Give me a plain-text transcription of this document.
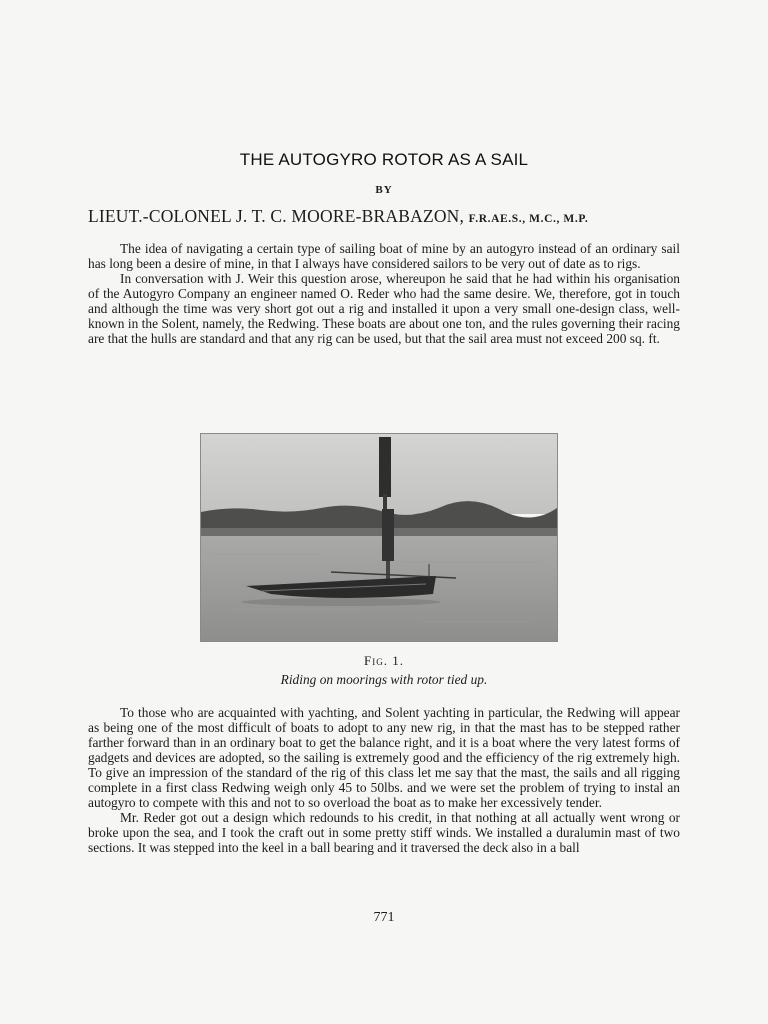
THE AUTOGYRO ROTOR AS A SAIL
BY
LIEUT.-COLONEL J. T. C. MOORE-BRABAZON, F.R.AE.S., M.C., M.P.

The idea of navigating a certain type of sailing boat of mine by an autogyro instead of an ordinary sail has long been a desire of mine, in that I always have considered sailors to be very out of date as to rigs.

In conversation with J. Weir this question arose, whereupon he said that he had within his organisation of the Autogyro Company an engineer named O. Reder who had the same desire. We, therefore, got in touch and although the time was very short got out a rig and installed it upon a very small one-design class, well-known in the Solent, namely, the Redwing. These boats are about one ton, and the rules governing their racing are that the hulls are standard and that any rig can be used, but that the sail area must not exceed 200 sq. ft.

Fig. 1.
Riding on moorings with rotor tied up.

To those who are acquainted with yachting, and Solent yachting in particular, the Redwing will appear as being one of the most difficult of boats to adopt to any new rig, in that the mast has to be stepped rather farther forward than in an ordinary boat to get the balance right, and it is a boat where the very latest forms of gadgets and devices are adopted, so the sailing is extremely good and the efficiency of the rig extremely high. To give an impression of the standard of the rig of this class let me say that the mast, the sails and all rigging complete in a first class Redwing weigh only 45 to 50lbs. and we were set the problem of trying to instal an autogyro to compete with this and not to so overload the boat as to make her excessively tender.

Mr. Reder got out a design which redounds to his credit, in that nothing at all actually went wrong or broke upon the sea, and I took the craft out in some pretty stiff winds. We installed a duralumin mast of two sections. It was stepped into the keel in a ball bearing and it traversed the deck also in a ball

771
